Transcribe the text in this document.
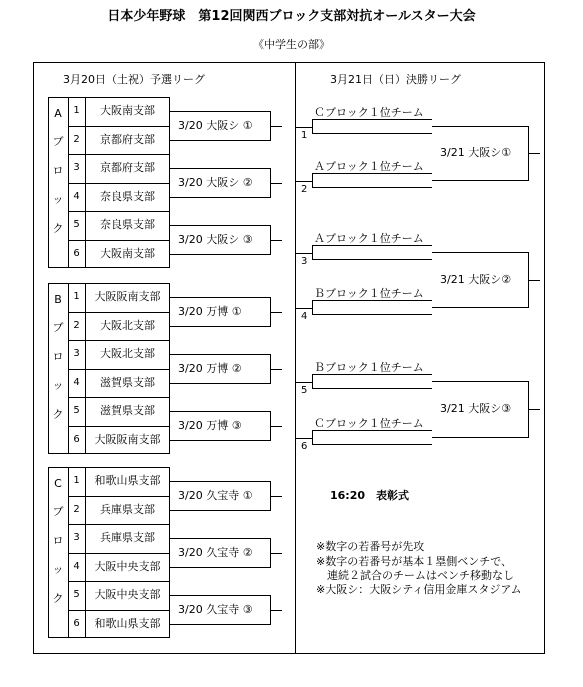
日本少年野球　第12回関西ブロック支部対抗オールスター大会
《中学生の部》
3月20日（土祝）予選リーグ	3月21日（日）決勝リーグ
A
ブ
ロ
ッ
ク
1	大阪南支部
2	京都府支部
3	京都府支部
4	奈良県支部
5	奈良県支部
6	大阪南支部
3/20 大阪シ ①
3/20 大阪シ ②
3/20 大阪シ ③
B
ブ
ロ
ッ
ク
1	大阪阪南支部
2	大阪北支部
3	大阪北支部
4	滋賀県支部
5	滋賀県支部
6	大阪阪南支部
3/20 万博 ①
3/20 万博 ②
3/20 万博 ③
C
ブ
ロ
ッ
ク
1	和歌山県支部
2	兵庫県支部
3	兵庫県支部
4	大阪中央支部
5	大阪中央支部
6	和歌山県支部
3/20 久宝寺 ①
3/20 久宝寺 ②
3/20 久宝寺 ③
Ｃブロック１位チーム
1
Ａブロック１位チーム
2
Ａブロック１位チーム
3
Ｂブロック１位チーム
4
Ｂブロック１位チーム
5
Ｃブロック１位チーム
6
3/21 大阪シ①
3/21 大阪シ②
3/21 大阪シ③
16:20　表彰式
※数字の若番号が先攻
※数字の若番号が基本１塁側ベンチで、
　連続２試合のチームはベンチ移動なし
※大阪シ：大阪シティ信用金庫スタジアム
